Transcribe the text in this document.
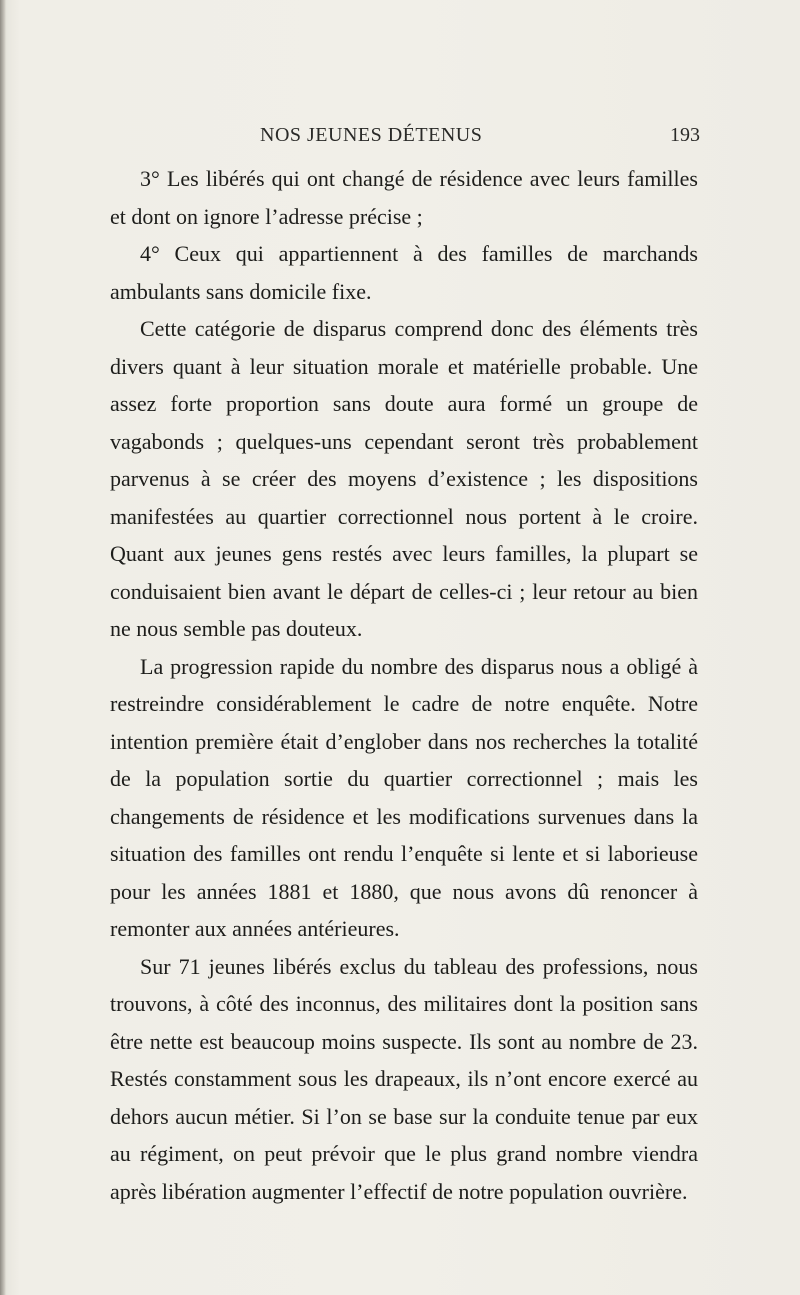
NOS JEUNES DÉTENUS	193

3° Les libérés qui ont changé de résidence avec leurs familles et dont on ignore l’adresse précise ;

4° Ceux qui appartiennent à des familles de marchands ambulants sans domicile fixe.

Cette catégorie de disparus comprend donc des éléments très divers quant à leur situation morale et matérielle probable. Une assez forte proportion sans doute aura formé un groupe de vagabonds ; quelques-uns cependant seront très probablement parvenus à se créer des moyens d’existence ; les dispositions manifestées au quartier correctionnel nous portent à le croire. Quant aux jeunes gens restés avec leurs familles, la plupart se conduisaient bien avant le départ de celles-ci ; leur retour au bien ne nous semble pas douteux.

La progression rapide du nombre des disparus nous a obligé à restreindre considérablement le cadre de notre enquête. Notre intention première était d’englober dans nos recherches la totalité de la population sortie du quartier correctionnel ; mais les changements de résidence et les modifications survenues dans la situation des familles ont rendu l’enquête si lente et si laborieuse pour les années 1881 et 1880, que nous avons dû renoncer à remonter aux années antérieures.

Sur 71 jeunes libérés exclus du tableau des professions, nous trouvons, à côté des inconnus, des militaires dont la position sans être nette est beaucoup moins suspecte. Ils sont au nombre de 23. Restés constamment sous les drapeaux, ils n’ont encore exercé au dehors aucun métier. Si l’on se base sur la conduite tenue par eux au régiment, on peut prévoir que le plus grand nombre viendra après libération augmenter l’effectif de notre population ouvrière.
